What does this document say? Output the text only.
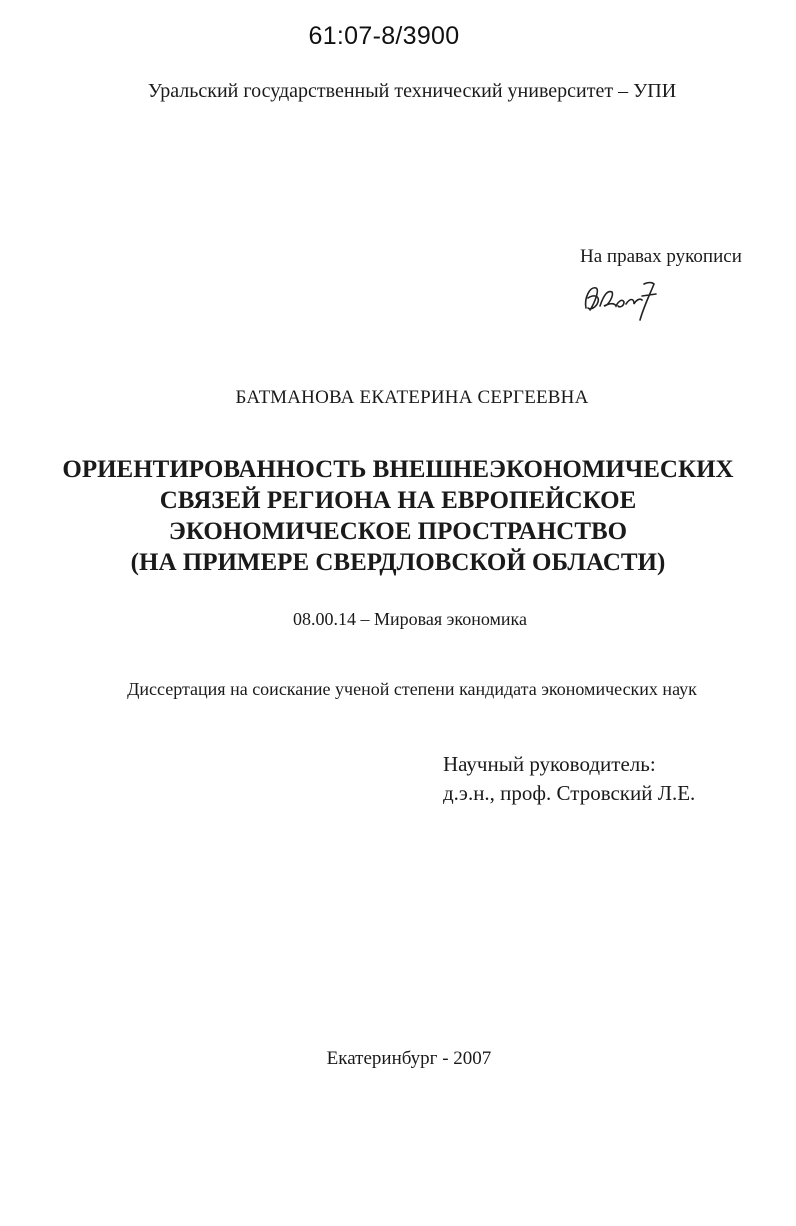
61:07-8/3900
Уральский государственный технический университет – УПИ
На правах рукописи
БАТМАНОВА ЕКАТЕРИНА СЕРГЕЕВНА
ОРИЕНТИРОВАННОСТЬ ВНЕШНЕЭКОНОМИЧЕСКИХ
СВЯЗЕЙ РЕГИОНА НА ЕВРОПЕЙСКОЕ
ЭКОНОМИЧЕСКОЕ ПРОСТРАНСТВО
(НА ПРИМЕРЕ СВЕРДЛОВСКОЙ ОБЛАСТИ)
08.00.14 – Мировая экономика
Диссертация на соискание ученой степени кандидата экономических наук
Научный руководитель:
д.э.н., проф. Стровский Л.Е.
Екатеринбург - 2007
